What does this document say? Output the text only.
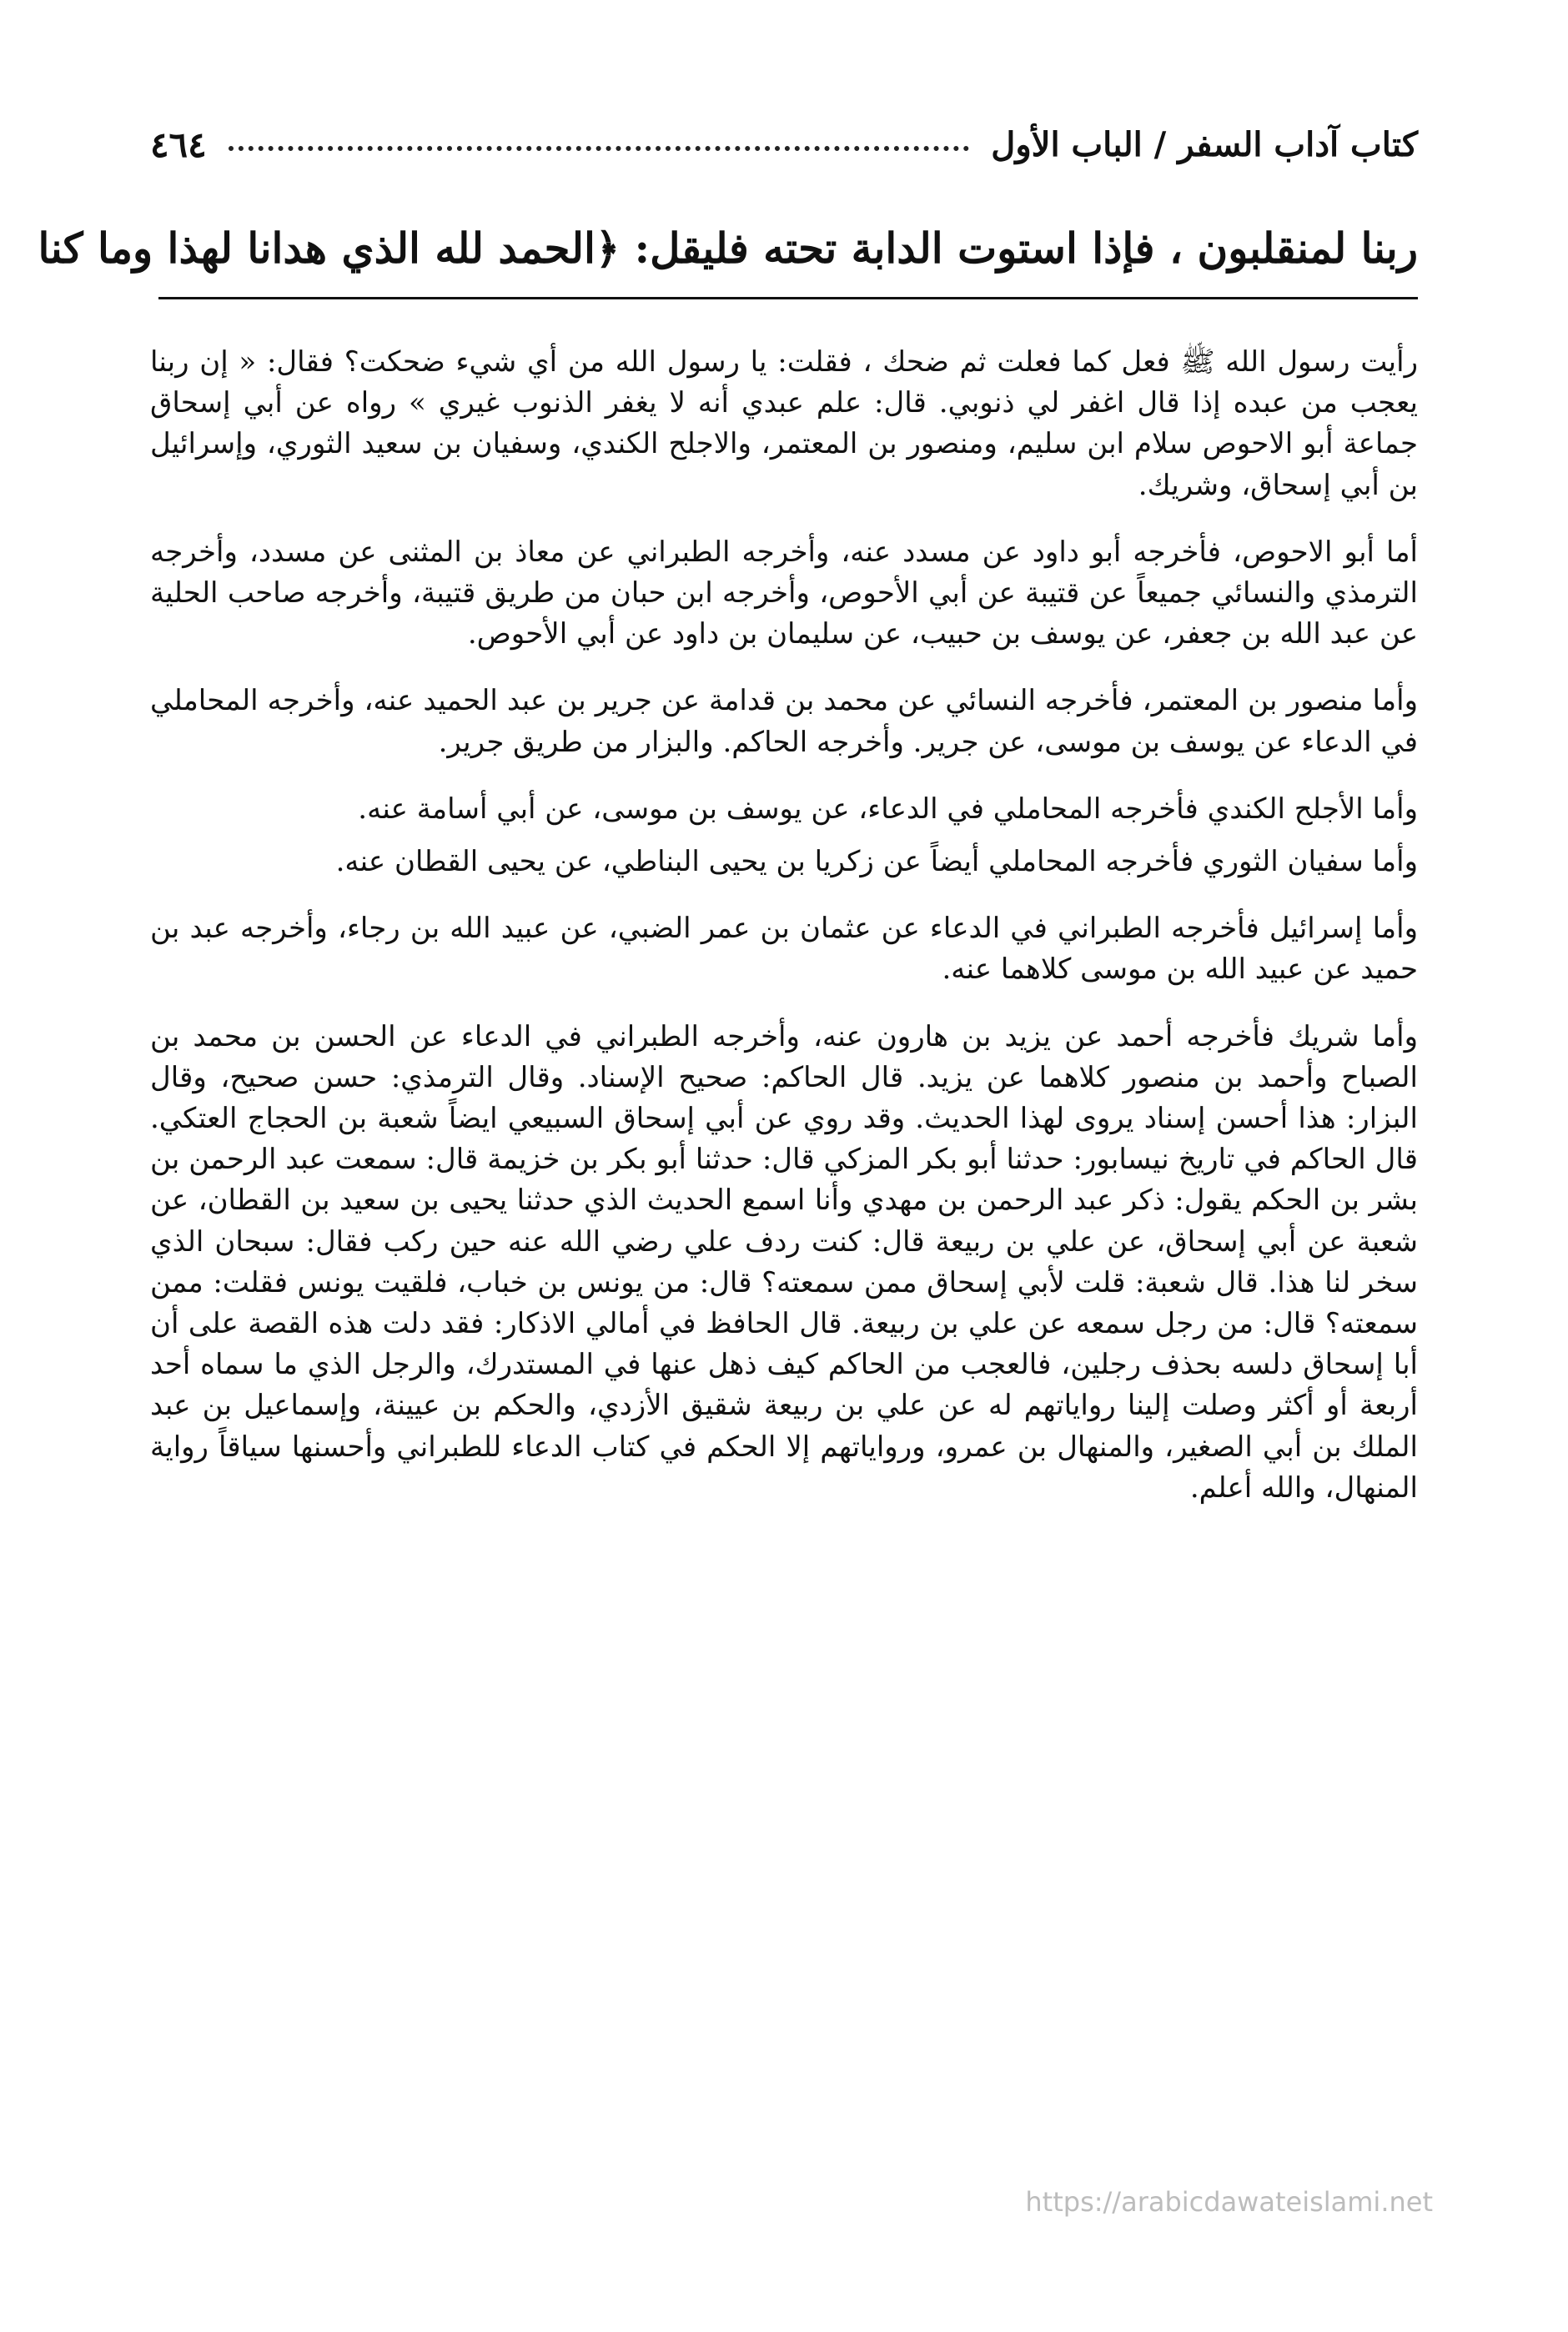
كتاب آداب السفر / الباب الأول
٤٦٤
ربنا لمنقلبون ، فإذا استوت الدابة تحته فليقل: ﴿الحمد لله الذي هدانا لهذا وما كنا

رأيت رسول الله ﷺ فعل كما فعلت ثم ضحك ، فقلت: يا رسول الله من أي شيء ضحكت؟ فقال: « إن ربنا يعجب من عبده إذا قال اغفر لي ذنوبي. قال: علم عبدي أنه لا يغفر الذنوب غيري » رواه عن أبي إسحاق جماعة أبو الاحوص سلام ابن سليم، ومنصور بن المعتمر، والاجلح الكندي، وسفيان بن سعيد الثوري، وإسرائيل بن أبي إسحاق، وشريك.

أما أبو الاحوص، فأخرجه أبو داود عن مسدد عنه، وأخرجه الطبراني عن معاذ بن المثنى عن مسدد، وأخرجه الترمذي والنسائي جميعاً عن قتيبة عن أبي الأحوص، وأخرجه ابن حبان من طريق قتيبة، وأخرجه صاحب الحلية عن عبد الله بن جعفر، عن يوسف بن حبيب، عن سليمان بن داود عن أبي الأحوص.

وأما منصور بن المعتمر، فأخرجه النسائي عن محمد بن قدامة عن جرير بن عبد الحميد عنه، وأخرجه المحاملي في الدعاء عن يوسف بن موسى، عن جرير. وأخرجه الحاكم. والبزار من طريق جرير.

وأما الأجلح الكندي فأخرجه المحاملي في الدعاء، عن يوسف بن موسى، عن أبي أسامة عنه.

وأما سفيان الثوري فأخرجه المحاملي أيضاً عن زكريا بن يحيى البناطي، عن يحيى القطان عنه.

وأما إسرائيل فأخرجه الطبراني في الدعاء عن عثمان بن عمر الضبي، عن عبيد الله بن رجاء، وأخرجه عبد بن حميد عن عبيد الله بن موسى كلاهما عنه.

وأما شريك فأخرجه أحمد عن يزيد بن هارون عنه، وأخرجه الطبراني في الدعاء عن الحسن بن محمد بن الصباح وأحمد بن منصور كلاهما عن يزيد. قال الحاكم: صحيح الإسناد. وقال الترمذي: حسن صحيح، وقال البزار: هذا أحسن إسناد يروى لهذا الحديث. وقد روي عن أبي إسحاق السبيعي ايضاً شعبة بن الحجاج العتكي. قال الحاكم في تاريخ نيسابور: حدثنا أبو بكر المزكي قال: حدثنا أبو بكر بن خزيمة قال: سمعت عبد الرحمن بن بشر بن الحكم يقول: ذكر عبد الرحمن بن مهدي وأنا اسمع الحديث الذي حدثنا يحيى بن سعيد بن القطان، عن شعبة عن أبي إسحاق، عن علي بن ربيعة قال: كنت ردف علي رضي الله عنه حين ركب فقال: سبحان الذي سخر لنا هذا. قال شعبة: قلت لأبي إسحاق ممن سمعته؟ قال: من يونس بن خباب، فلقيت يونس فقلت: ممن سمعته؟ قال: من رجل سمعه عن علي بن ربيعة. قال الحافظ في أمالي الاذكار: فقد دلت هذه القصة على أن أبا إسحاق دلسه بحذف رجلين، فالعجب من الحاكم كيف ذهل عنها في المستدرك، والرجل الذي ما سماه أحد أربعة أو أكثر وصلت إلينا رواياتهم له عن علي بن ربيعة شقيق الأزدي، والحكم بن عيينة، وإسماعيل بن عبد الملك بن أبي الصغير، والمنهال بن عمرو، ورواياتهم إلا الحكم في كتاب الدعاء للطبراني وأحسنها سياقاً رواية المنهال، والله أعلم.

https://arabicdawateislami.net
